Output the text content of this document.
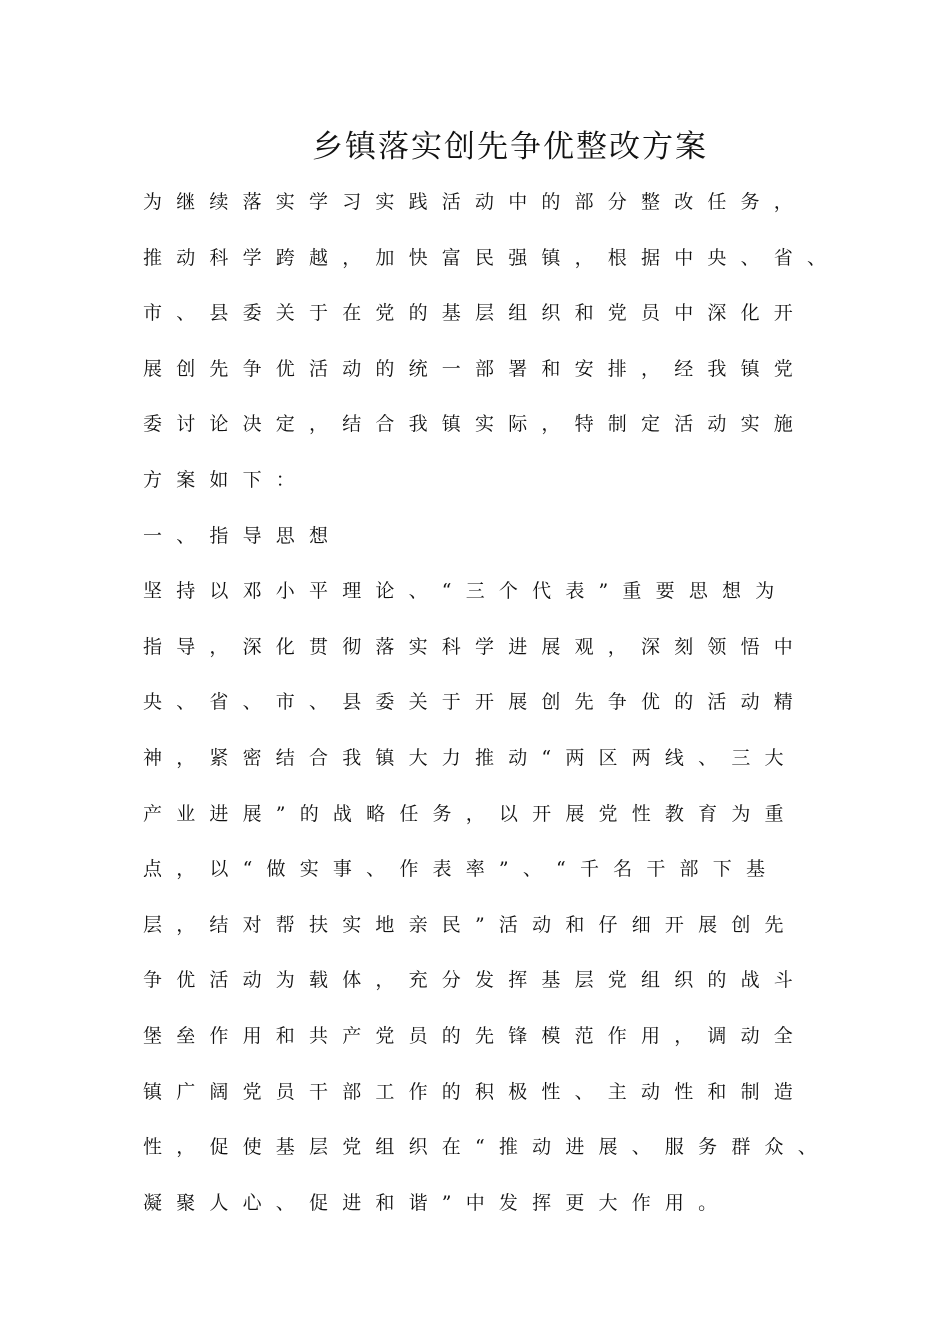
乡镇落实创先争优整改方案
为继续落实学习实践活动中的部分整改任务，
推动科学跨越，加快富民强镇，根据中央、省、
市、县委关于在党的基层组织和党员中深化开
展创先争优活动的统一部署和安排，经我镇党
委讨论决定，结合我镇实际，特制定活动实施
方案如下：
一、指导思想
坚持以邓小平理论、“三个代表”重要思想为
指导，深化贯彻落实科学进展观，深刻领悟中
央、省、市、县委关于开展创先争优的活动精
神，紧密结合我镇大力推动“两区两线、三大
产业进展”的战略任务，以开展党性教育为重
点，以“做实事、作表率”、“千名干部下基
层，结对帮扶实地亲民”活动和仔细开展创先
争优活动为载体，充分发挥基层党组织的战斗
堡垒作用和共产党员的先锋模范作用，调动全
镇广阔党员干部工作的积极性、主动性和制造
性，促使基层党组织在“推动进展、服务群众、
凝聚人心、促进和谐”中发挥更大作用。
